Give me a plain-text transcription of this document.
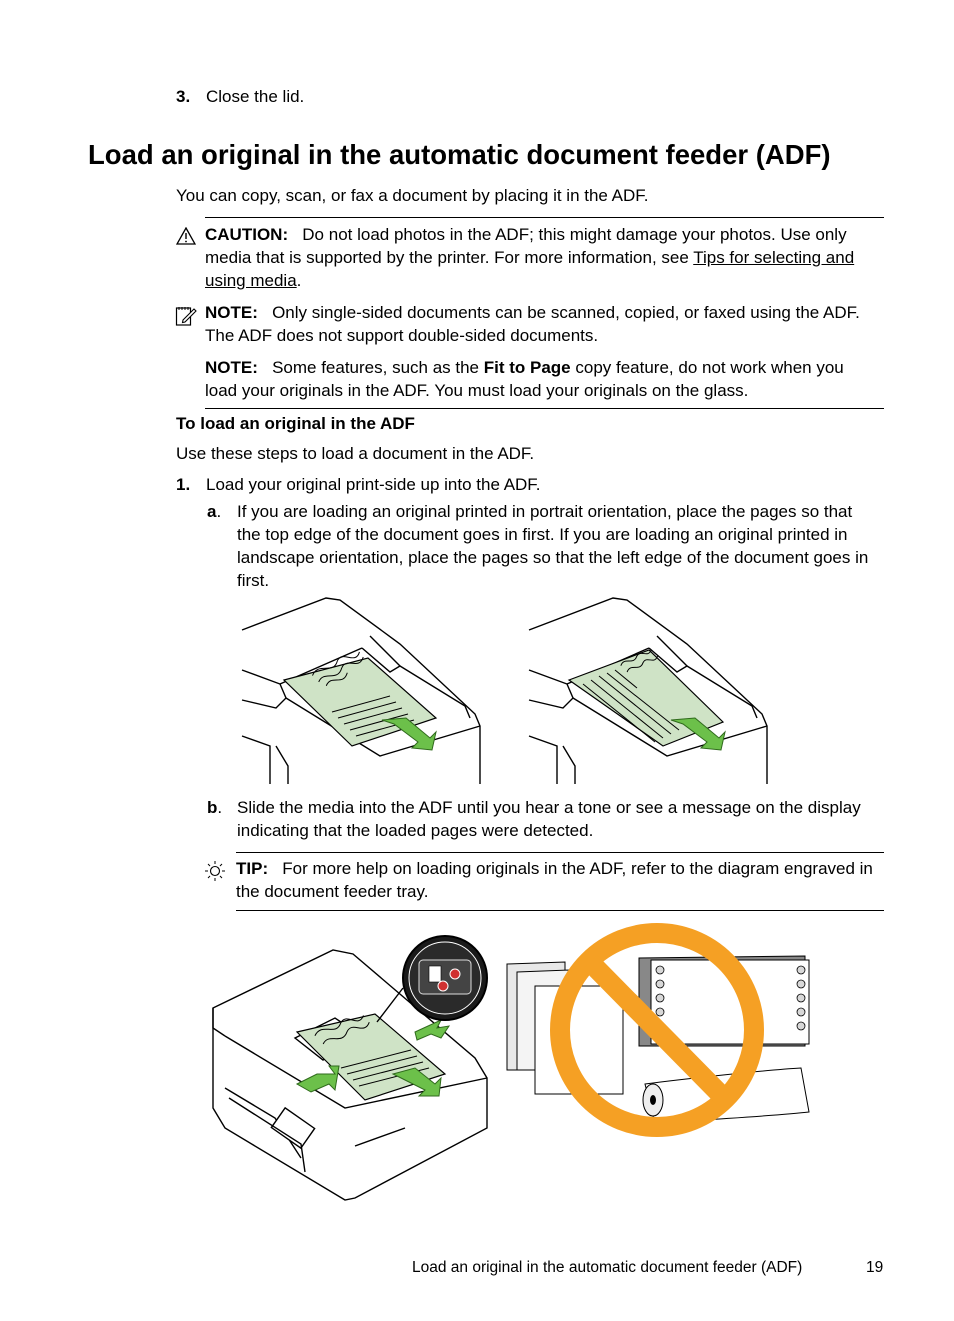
3. Close the lid.
Load an original in the automatic document feeder (ADF)
You can copy, scan, or fax a document by placing it in the ADF.
CAUTION: Do not load photos in the ADF; this might damage your photos. Use only media that is supported by the printer. For more information, see Tips for selecting and using media.
NOTE: Only single-sided documents can be scanned, copied, or faxed using the ADF. The ADF does not support double-sided documents.
NOTE: Some features, such as the Fit to Page copy feature, do not work when you load your originals in the ADF. You must load your originals on the glass.
To load an original in the ADF
Use these steps to load a document in the ADF.
1. Load your original print-side up into the ADF.
a. If you are loading an original printed in portrait orientation, place the pages so that the top edge of the document goes in first. If you are loading an original printed in landscape orientation, place the pages so that the left edge of the document goes in first.
b. Slide the media into the ADF until you hear a tone or see a message on the display indicating that the loaded pages were detected.
TIP: For more help on loading originals in the ADF, refer to the diagram engraved in the document feeder tray.
Load an original in the automatic document feeder (ADF)	19
